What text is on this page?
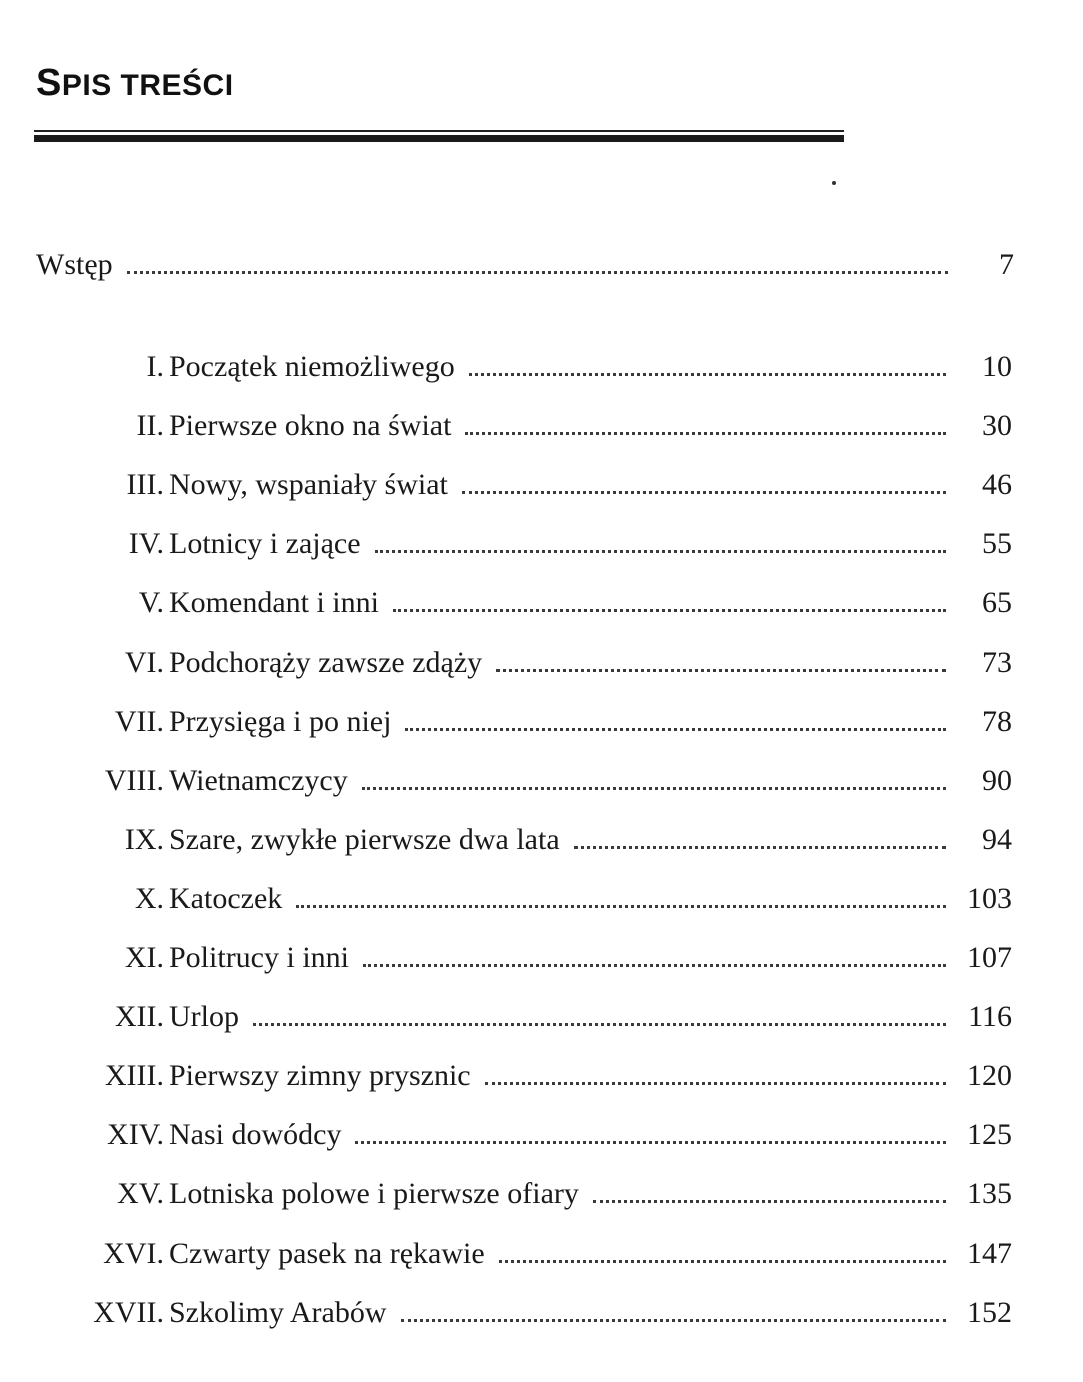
SPIS TREŚCI
Wstęp	7
I. Początek niemożliwego	10
II. Pierwsze okno na świat	30
III. Nowy, wspaniały świat	46
IV. Lotnicy i zające	55
V. Komendant i inni	65
VI. Podchorąży zawsze zdąży	73
VII. Przysięga i po niej	78
VIII. Wietnamczycy	90
IX. Szare, zwykłe pierwsze dwa lata	94
X. Katoczek	103
XI. Politrucy i inni	107
XII. Urlop	116
XIII. Pierwszy zimny prysznic	120
XIV. Nasi dowódcy	125
XV. Lotniska polowe i pierwsze ofiary	135
XVI. Czwarty pasek na rękawie	147
XVII. Szkolimy Arabów	152
